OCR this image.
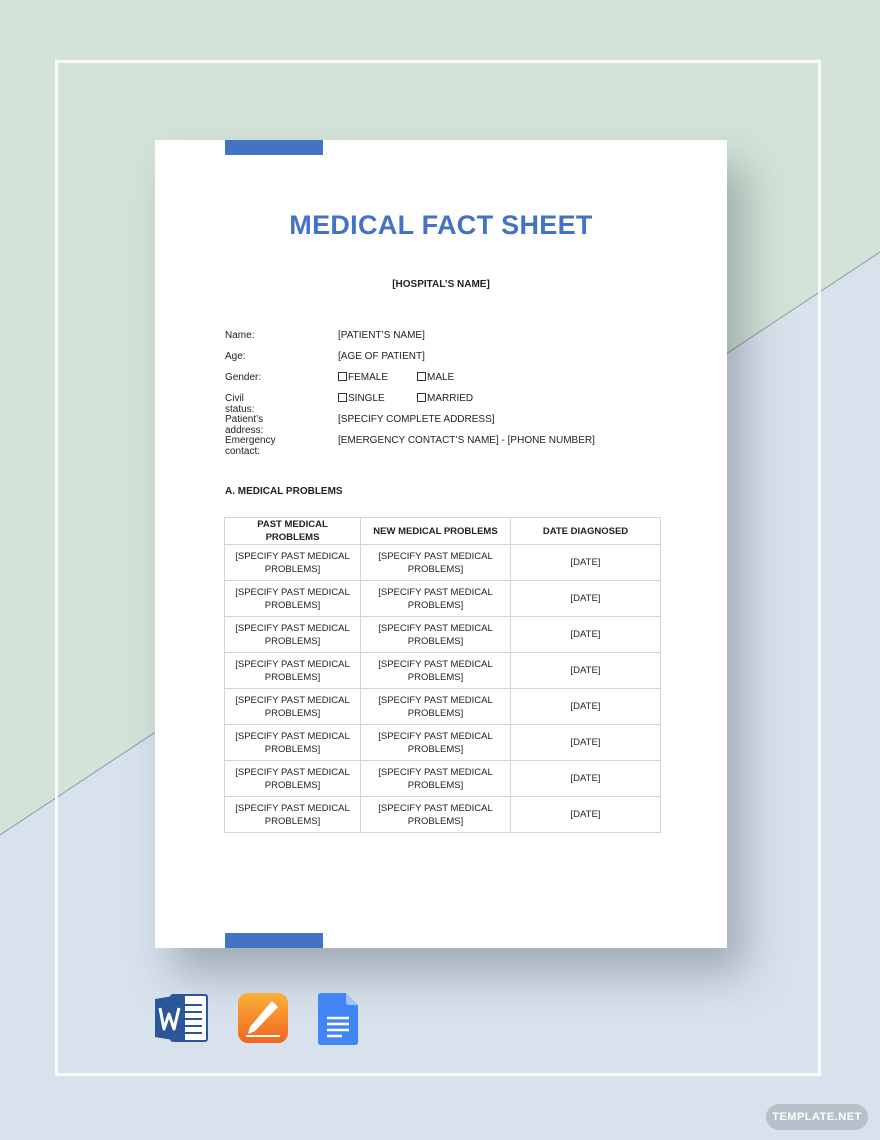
MEDICAL FACT SHEET
[HOSPITAL’S NAME]
Name:	[PATIENT’S NAME]
Age:	[AGE OF PATIENT]
Gender:	FEMALE	MALE
Civil status:
SINGLE	MARRIED
Patient’s address:
[SPECIFY COMPLETE ADDRESS]
Emergency contact:
[EMERGENCY CONTACT’S NAME] - [PHONE NUMBER]
A. MEDICAL PROBLEMS
PAST MEDICAL PROBLEMS	NEW MEDICAL PROBLEMS	DATE DIAGNOSED
[SPECIFY PAST MEDICAL PROBLEMS]	[SPECIFY PAST MEDICAL PROBLEMS]	[DATE]
[SPECIFY PAST MEDICAL PROBLEMS]	[SPECIFY PAST MEDICAL PROBLEMS]	[DATE]
[SPECIFY PAST MEDICAL PROBLEMS]	[SPECIFY PAST MEDICAL PROBLEMS]	[DATE]
[SPECIFY PAST MEDICAL PROBLEMS]	[SPECIFY PAST MEDICAL PROBLEMS]	[DATE]
[SPECIFY PAST MEDICAL PROBLEMS]	[SPECIFY PAST MEDICAL PROBLEMS]	[DATE]
[SPECIFY PAST MEDICAL PROBLEMS]	[SPECIFY PAST MEDICAL PROBLEMS]	[DATE]
[SPECIFY PAST MEDICAL PROBLEMS]	[SPECIFY PAST MEDICAL PROBLEMS]	[DATE]
[SPECIFY PAST MEDICAL PROBLEMS]	[SPECIFY PAST MEDICAL PROBLEMS]	[DATE]
TEMPLATE.NET
